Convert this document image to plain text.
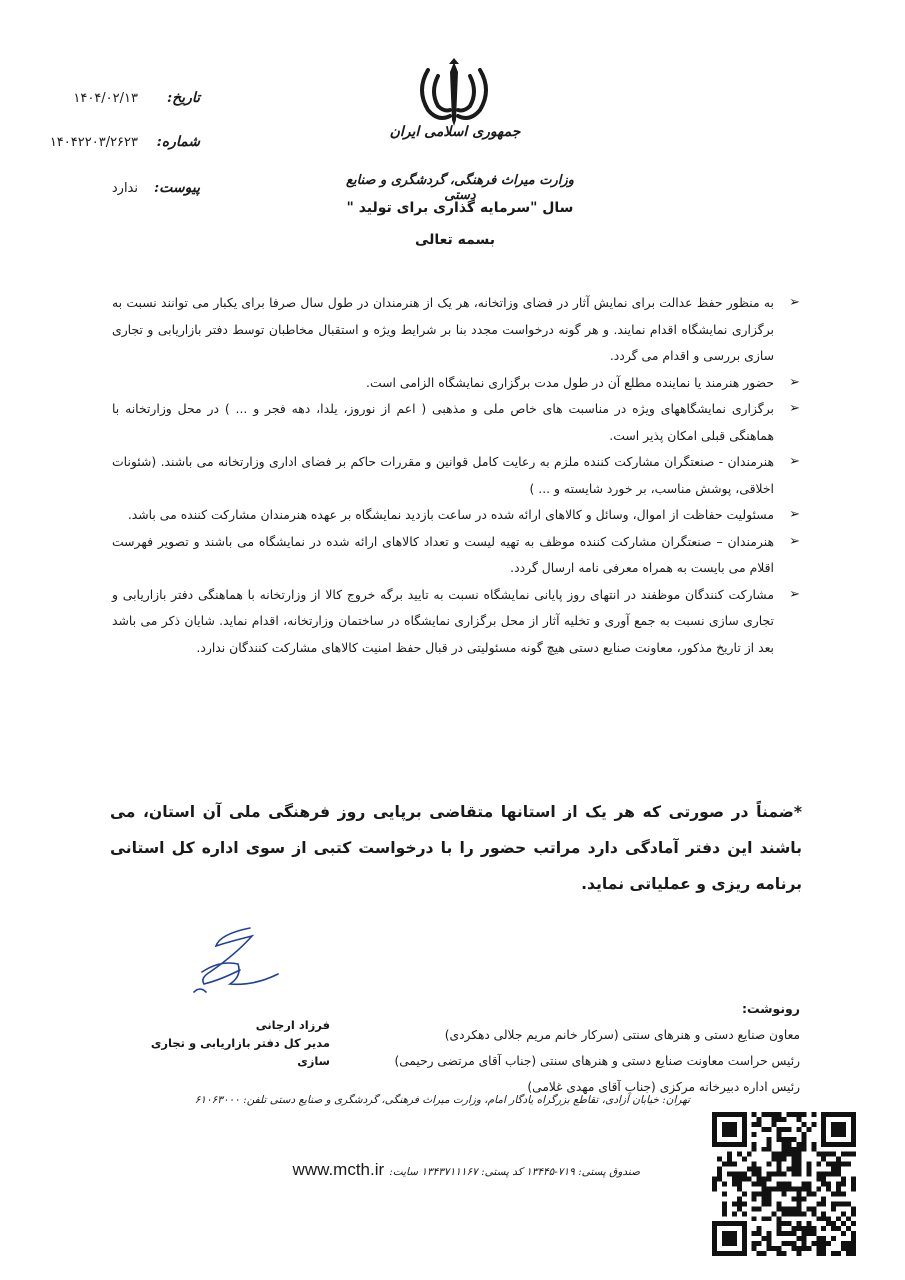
تاریخ:
۱۴۰۴/۰۲/۱۳
شماره:
۱۴۰۴۲۲۰۳/۲۶۲۳
پیوست:
ندارد
جمهوری اسلامی ایران
وزارت میراث فرهنگی، گردشگری و صنایع دستی
سال "سرمایه گذاری برای تولید "
بسمه تعالی
➢
به منظور حفظ عدالت برای نمایش آثار در فضای وزاتخانه، هر یک از هنرمندان در طول سال صرفا برای یکبار می توانند نسبت به برگزاری نمایشگاه اقدام نمایند. و هر گونه درخواست مجدد بنا بر شرایط ویژه و استقبال مخاطبان توسط دفتر بازاریابی و تجاری سازی بررسی و اقدام می گردد.
➢
حضور هنرمند یا نماینده مطلع آن در طول مدت برگزاری نمایشگاه الزامی است.
➢
برگزاری نمایشگاههای ویژه در مناسبت های خاص ملی و مذهبی ( اعم از نوروز، یلدا، دهه فجر و ... ) در محل وزارتخانه با هماهنگی قبلی امکان پذیر است.
➢
هنرمندان - صنعتگران مشارکت کننده ملزم به رعایت کامل قوانین و مقررات حاکم بر فضای اداری وزارتخانه می باشند. (شئونات اخلاقی، پوشش مناسب، بر خورد شایسته و ... )
➢
مسئولیت حفاظت از اموال، وسائل و کالاهای ارائه شده در ساعت بازدید نمایشگاه بر عهده هنرمندان مشارکت کننده می باشد.
➢
هنرمندان – صنعتگران مشارکت کننده موظف به تهیه لیست و تعداد کالاهای ارائه شده در نمایشگاه می باشند و تصویر فهرست اقلام می بایست به همراه معرفی نامه ارسال گردد.
➢
مشارکت کنندگان موظفند در انتهای روز پایانی نمایشگاه نسبت به تایید برگه خروج کالا از وزارتخانه با هماهنگی دفتر بازاریابی و تجاری سازی نسبت به جمع آوری و تخلیه آثار از محل برگزاری نمایشگاه در ساختمان وزارتخانه، اقدام نماید. شایان ذکر می باشد بعد از تاریخ مذکور، معاونت صنایع دستی هیچ گونه مسئولیتی در قبال حفظ امنیت کالاهای مشارکت کنندگان ندارد.
*ضمناً در صورتی که هر یک از استانها متقاضی برپایی روز فرهنگی ملی آن استان، می باشند این دفتر آمادگی دارد مراتب حضور را با درخواست کتبی از سوی اداره کل استانی برنامه ریزی و عملیاتی نماید.
فرزاد ارجانی
مدیر کل دفتر بازاریابی و تجاری سازی
رونوشت:
معاون صنایع دستی و هنرهای سنتی (سرکار خانم مریم جلالی دهکردی)
رئیس حراست معاونت صنایع دستی و هنرهای سنتی (جناب آقای مرتضی رحیمی)
رئیس اداره دبیرخانه مرکزی (جناب آقای مهدی غلامی)
تهران: خیابان آزادی، تقاطع بزرگراه یادگار امام، وزارت میراث فرهنگی، گردشگری و صنایع دستی تلفن: ۶۱۰۶۳۰۰۰
صندوق پستی: ۷۱۹-۱۳۴۴۵ کد پستی: ۱۳۴۳۷۱۱۱۶۷ سایت: www.mcth.ir
